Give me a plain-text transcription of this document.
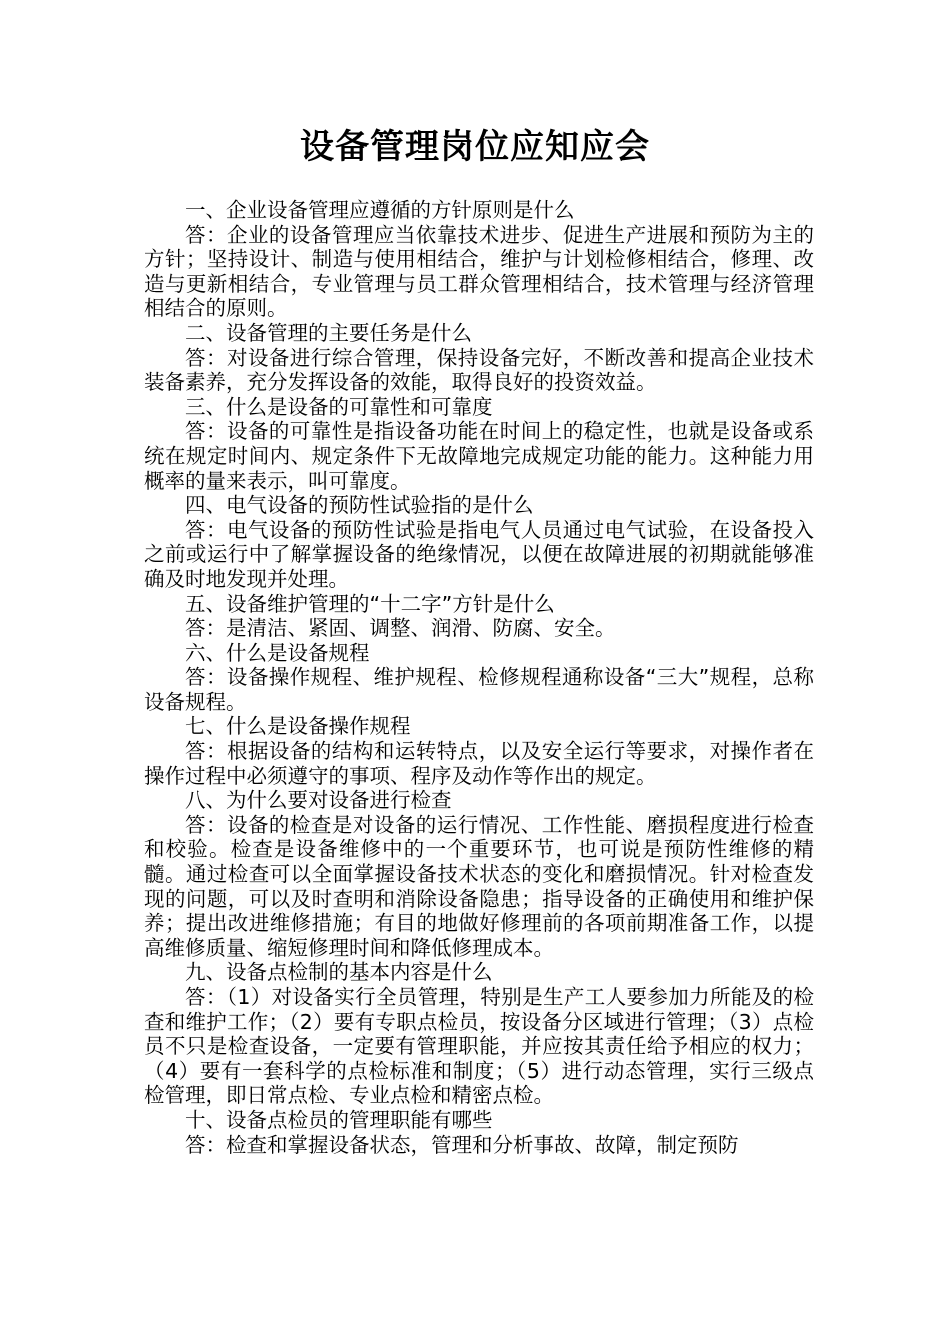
设备管理岗位应知应会

一、企业设备管理应遵循的方针原则是什么

答：企业的设备管理应当依靠技术进步、促进生产进展和预防为主的方针；坚持设计、制造与使用相结合，维护与计划检修相结合，修理、改造与更新相结合，专业管理与员工群众管理相结合，技术管理与经济管理相结合的原则。

二、设备管理的主要任务是什么

答：对设备进行综合管理，保持设备完好，不断改善和提高企业技术装备素养，充分发挥设备的效能，取得良好的投资效益。

三、什么是设备的可靠性和可靠度

答：设备的可靠性是指设备功能在时间上的稳定性，也就是设备或系统在规定时间内、规定条件下无故障地完成规定功能的能力。这种能力用概率的量来表示，叫可靠度。

四、电气设备的预防性试验指的是什么

答：电气设备的预防性试验是指电气人员通过电气试验，在设备投入之前或运行中了解掌握设备的绝缘情况，以便在故障进展的初期就能够准确及时地发现并处理。

五、设备维护管理的“十二字”方针是什么

答：是清洁、紧固、调整、润滑、防腐、安全。

六、什么是设备规程

答：设备操作规程、维护规程、检修规程通称设备“三大”规程，总称设备规程。

七、什么是设备操作规程

答：根据设备的结构和运转特点，以及安全运行等要求，对操作者在操作过程中必须遵守的事项、程序及动作等作出的规定。

八、为什么要对设备进行检查

答：设备的检查是对设备的运行情况、工作性能、磨损程度进行检查和校验。检查是设备维修中的一个重要环节，也可说是预防性维修的精髓。通过检查可以全面掌握设备技术状态的变化和磨损情况。针对检查发现的问题，可以及时查明和消除设备隐患；指导设备的正确使用和维护保养；提出改进维修措施；有目的地做好修理前的各项前期准备工作，以提高维修质量、缩短修理时间和降低修理成本。

九、设备点检制的基本内容是什么

答：（1）对设备实行全员管理，特别是生产工人要参加力所能及的检查和维护工作；（2）要有专职点检员，按设备分区域进行管理；（3）点检员不只是检查设备，一定要有管理职能，并应按其责任给予相应的权力；（4）要有一套科学的点检标准和制度；（5）进行动态管理，实行三级点检管理，即日常点检、专业点检和精密点检。

十、设备点检员的管理职能有哪些

答：检查和掌握设备状态，管理和分析事故、故障，制定预防
